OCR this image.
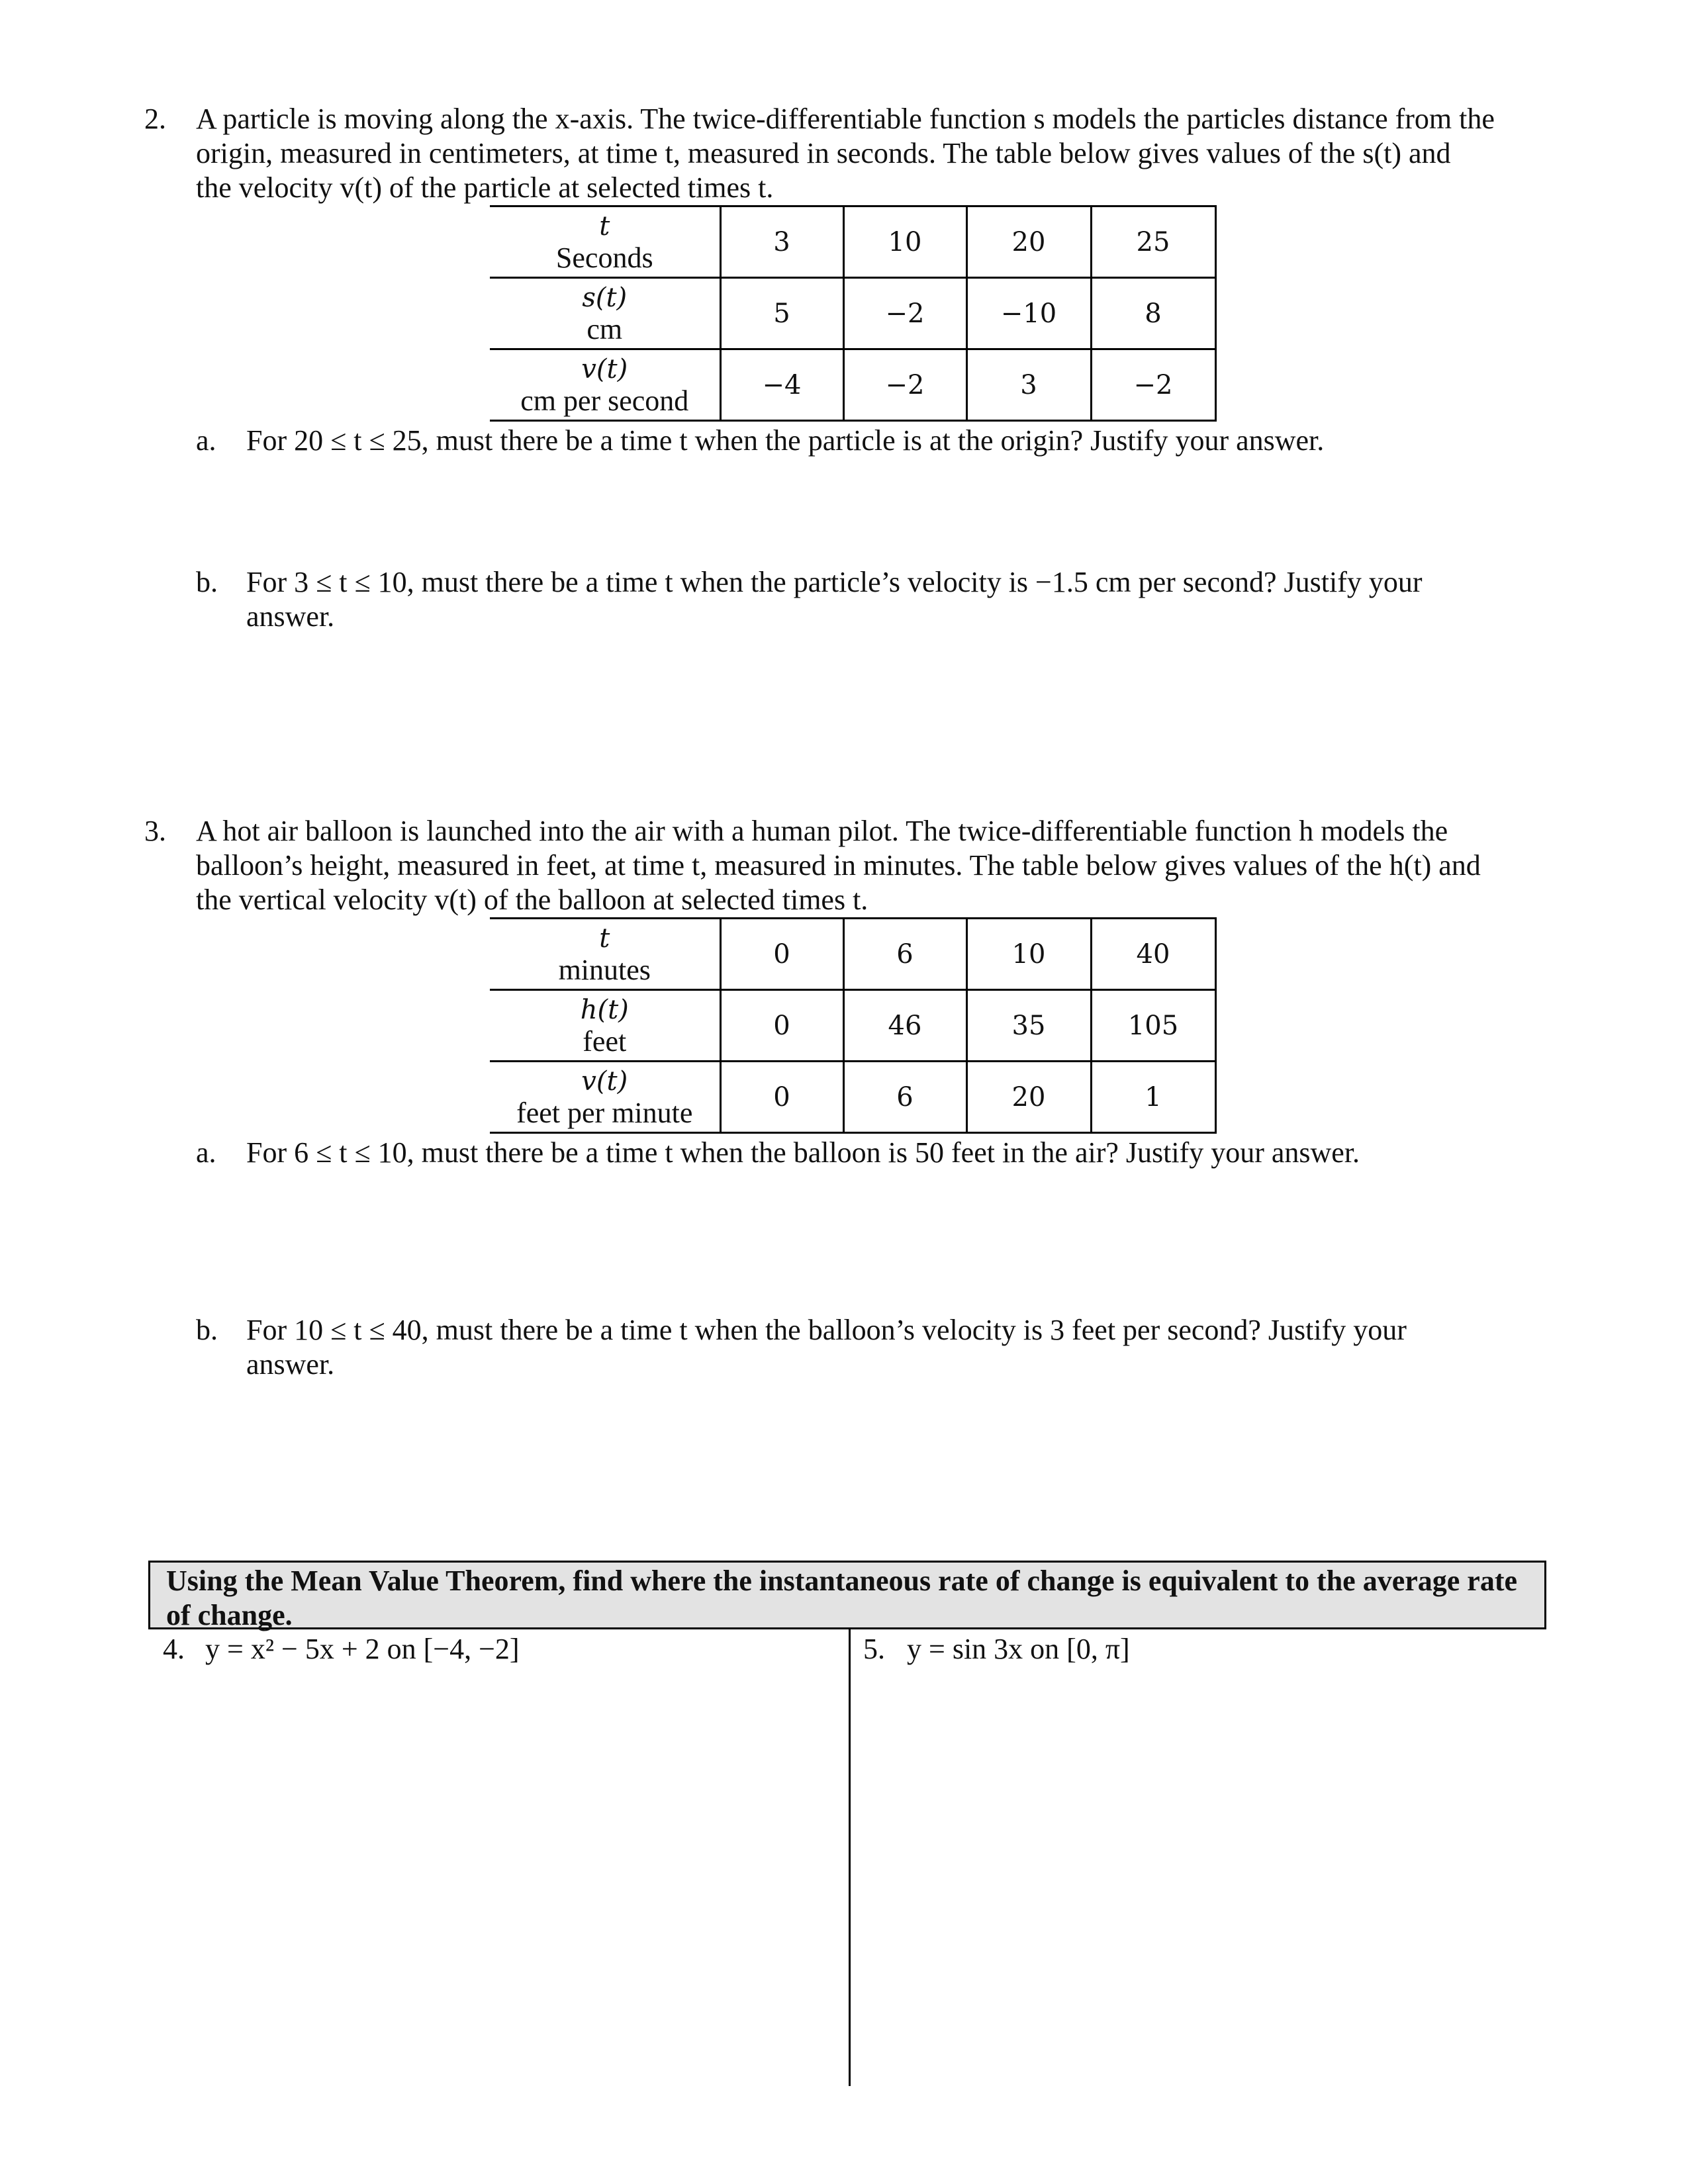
2. A particle is moving along the x-axis. The twice-differentiable function s models the particles distance from the
origin, measured in centimeters, at time t, measured in seconds. The table below gives values of the s(t) and
the velocity v(t) of the particle at selected times t.
t
Seconds	3	10	20	25

s(t)
cm	5	−2	−10	8

v(t)
cm per second	−4	−2	3	−2
a. For 20 ≤ t ≤ 25, must there be a time t when the particle is at the origin? Justify your answer.
b. For 3 ≤ t ≤ 10, must there be a time t when the particle’s velocity is −1.5 cm per second? Justify your
answer.
3. A hot air balloon is launched into the air with a human pilot. The twice-differentiable function h models the
balloon’s height, measured in feet, at time t, measured in minutes. The table below gives values of the h(t) and
the vertical velocity v(t) of the balloon at selected times t.
t
minutes	0	6	10	40

h(t)
feet	0	46	35	105

v(t)
feet per minute	0	6	20	1
a. For 6 ≤ t ≤ 10, must there be a time t when the balloon is 50 feet in the air? Justify your answer.
b. For 10 ≤ t ≤ 40, must there be a time t when the balloon’s velocity is 3 feet per second? Justify your
answer.
Using the Mean Value Theorem, find where the instantaneous rate of change is equivalent to the average rate of change.
4. y = x² − 5x + 2 on [−4, −2]	5. y = sin 3x on [0, π]
